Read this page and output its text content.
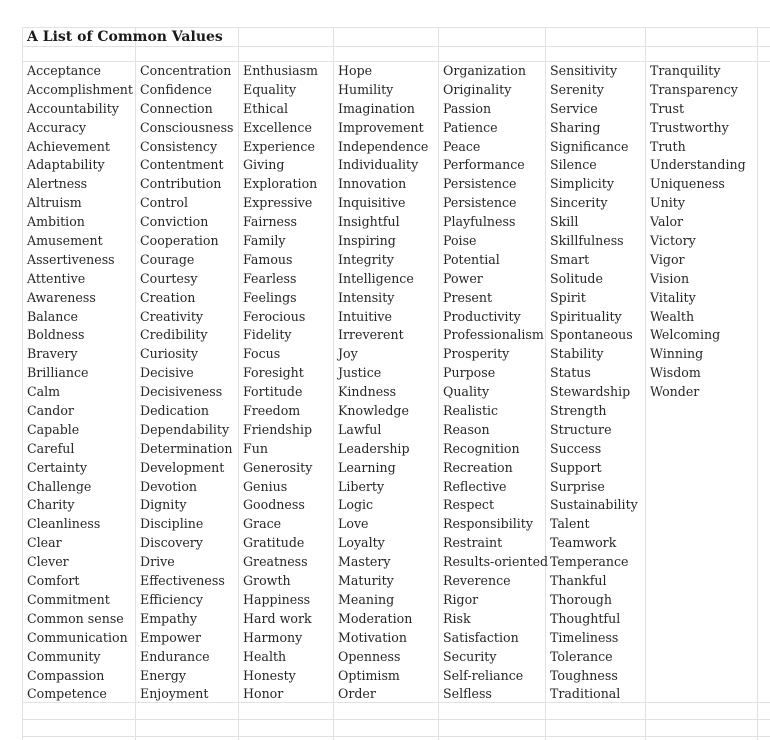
A List of Common Values
Acceptance
Accomplishment
Accountability
Accuracy
Achievement
Adaptability
Alertness
Altruism
Ambition
Amusement
Assertiveness
Attentive
Awareness
Balance
Boldness
Bravery
Brilliance
Calm
Candor
Capable
Careful
Certainty
Challenge
Charity
Cleanliness
Clear
Clever
Comfort
Commitment
Common sense
Communication
Community
Compassion
Competence
Concentration
Confidence
Connection
Consciousness
Consistency
Contentment
Contribution
Control
Conviction
Cooperation
Courage
Courtesy
Creation
Creativity
Credibility
Curiosity
Decisive
Decisiveness
Dedication
Dependability
Determination
Development
Devotion
Dignity
Discipline
Discovery
Drive
Effectiveness
Efficiency
Empathy
Empower
Endurance
Energy
Enjoyment
Enthusiasm
Equality
Ethical
Excellence
Experience
Giving
Exploration
Expressive
Fairness
Family
Famous
Fearless
Feelings
Ferocious
Fidelity
Focus
Foresight
Fortitude
Freedom
Friendship
Fun
Generosity
Genius
Goodness
Grace
Gratitude
Greatness
Growth
Happiness
Hard work
Harmony
Health
Honesty
Honor
Hope
Humility
Imagination
Improvement
Independence
Individuality
Innovation
Inquisitive
Insightful
Inspiring
Integrity
Intelligence
Intensity
Intuitive
Irreverent
Joy
Justice
Kindness
Knowledge
Lawful
Leadership
Learning
Liberty
Logic
Love
Loyalty
Mastery
Maturity
Meaning
Moderation
Motivation
Openness
Optimism
Order
Organization
Originality
Passion
Patience
Peace
Performance
Persistence
Persistence
Playfulness
Poise
Potential
Power
Present
Productivity
Professionalism
Prosperity
Purpose
Quality
Realistic
Reason
Recognition
Recreation
Reflective
Respect
Responsibility
Restraint
Results-oriented
Reverence
Rigor
Risk
Satisfaction
Security
Self-reliance
Selfless
Sensitivity
Serenity
Service
Sharing
Significance
Silence
Simplicity
Sincerity
Skill
Skillfulness
Smart
Solitude
Spirit
Spirituality
Spontaneous
Stability
Status
Stewardship
Strength
Structure
Success
Support
Surprise
Sustainability
Talent
Teamwork
Temperance
Thankful
Thorough
Thoughtful
Timeliness
Tolerance
Toughness
Traditional
Tranquility
Transparency
Trust
Trustworthy
Truth
Understanding
Uniqueness
Unity
Valor
Victory
Vigor
Vision
Vitality
Wealth
Welcoming
Winning
Wisdom
Wonder
